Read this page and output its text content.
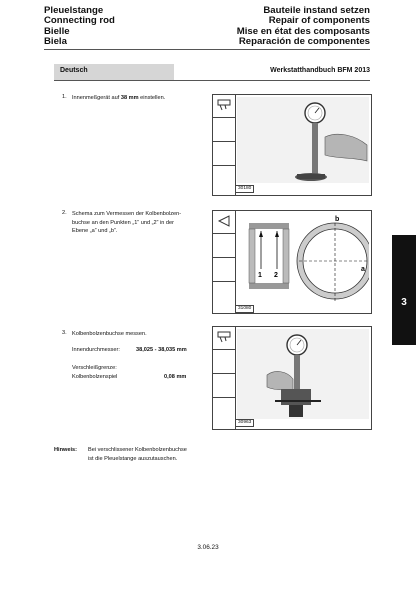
Pleuelstange
Connecting rod
Bielle
Biela
Bauteile instand setzen
Repair of components
Mise en état des composants
Reparación de componentes
Deutsch	Werkstatthandbuch BFM 2013
1. Innenmeßgerät auf 38 mm einstellen.
30180
2. Schema zum Vermessen der Kolbenbolzen-
buchse an den Punkten „1“ und „2“ in der
Ebene „a“ und „b“.
1 2
b
a
31080
3. Kolbenbolzenbuchse messen.
Innendurchmesser:	38,025 - 38,035 mm
Verschleißgrenze:
Kolbenbolzenspiel	0,08 mm
30963
Hinweis: Bei verschlissener Kolbenbolzenbuchse
ist die Pleuelstange auszutauschen.
3
3.06.23
